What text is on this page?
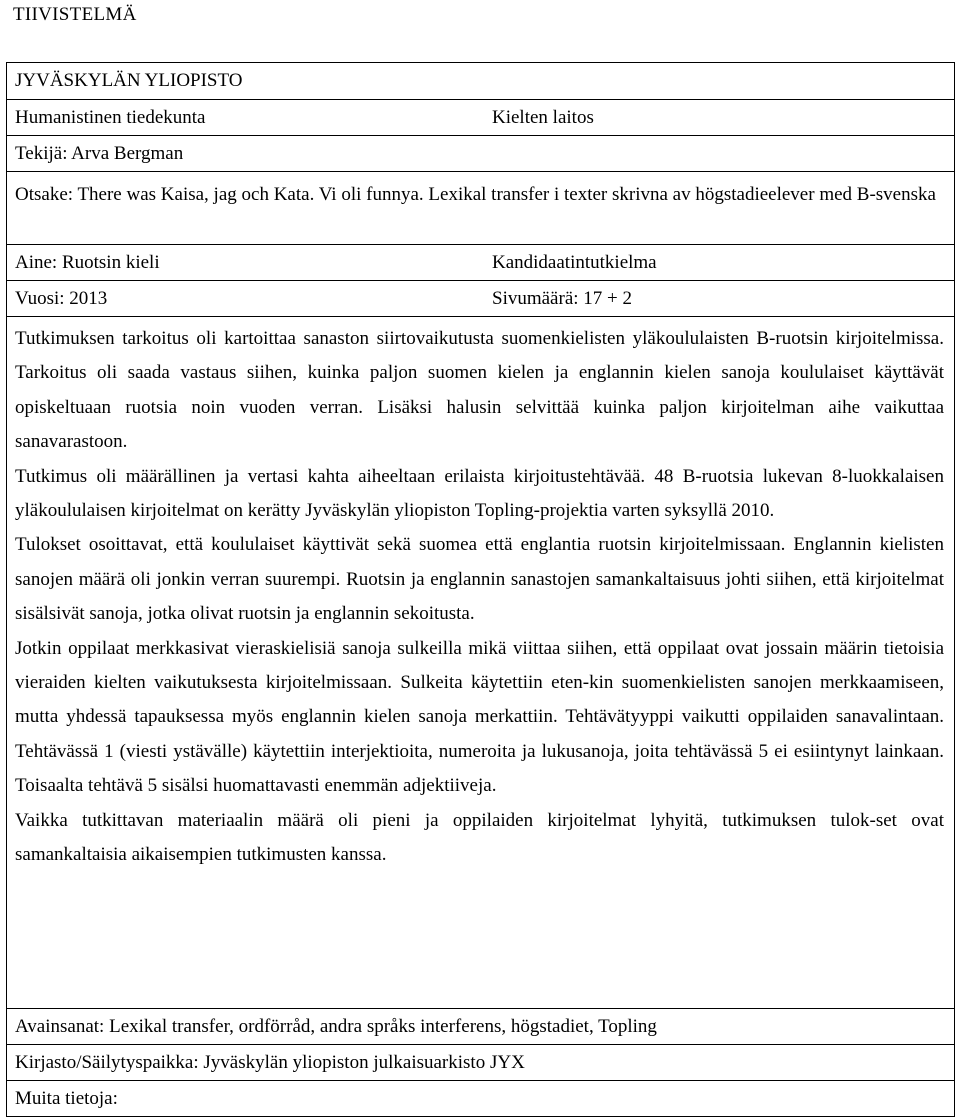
TIIVISTELMÄ
JYVÄSKYLÄN YLIOPISTO
Humanistinen tiedekunta	Kielten laitos
Tekijä: Arva Bergman
Otsake: There was Kaisa, jag och Kata. Vi oli funnya. Lexikal transfer i texter skrivna av högstadieelever med B-svenska
Aine: Ruotsin kieli	Kandidaatintutkielma
Vuosi: 2013	Sivumäärä: 17 + 2

Tutkimuksen tarkoitus oli kartoittaa sanaston siirtovaikutusta suomenkielisten yläkoululaisten B-ruotsin kirjoitelmissa. Tarkoitus oli saada vastaus siihen, kuinka paljon suomen kielen ja englannin kielen sanoja koululaiset käyttävät opiskeltuaan ruotsia noin vuoden verran. Lisäksi halusin selvittää kuinka paljon kirjoitelman aihe vaikuttaa sanavarastoon.

Tutkimus oli määrällinen ja vertasi kahta aiheeltaan erilaista kirjoitustehtävää. 48 B-ruotsia lukevan 8-luokkalaisen yläkoululaisen kirjoitelmat on kerätty Jyväskylän yliopiston Topling-projektia varten syksyllä 2010.

Tulokset osoittavat, että koululaiset käyttivät sekä suomea että englantia ruotsin kirjoitelmissaan. Englannin kielisten sanojen määrä oli jonkin verran suurempi. Ruotsin ja englannin sanastojen samankaltaisuus johti siihen, että kirjoitelmat sisälsivät sanoja, jotka olivat ruotsin ja englannin sekoitusta.

Jotkin oppilaat merkkasivat vieraskielisiä sanoja sulkeilla mikä viittaa siihen, että oppilaat ovat jossain määrin tietoisia vieraiden kielten vaikutuksesta kirjoitelmissaan. Sulkeita käytettiin eten-kin suomenkielisten sanojen merkkaamiseen, mutta yhdessä tapauksessa myös englannin kielen sanoja merkattiin. Tehtävätyyppi vaikutti oppilaiden sanavalintaan. Tehtävässä 1 (viesti ystävälle) käytettiin interjektioita, numeroita ja lukusanoja, joita tehtävässä 5 ei esiintynyt lainkaan. Toisaalta tehtävä 5 sisälsi huomattavasti enemmän adjektiiveja.

Vaikka tutkittavan materiaalin määrä oli pieni ja oppilaiden kirjoitelmat lyhyitä, tutkimuksen tulok-set ovat samankaltaisia aikaisempien tutkimusten kanssa.

Avainsanat: Lexikal transfer, ordförråd, andra språks interferens, högstadiet, Topling
Kirjasto/Säilytyspaikka: Jyväskylän yliopiston julkaisuarkisto JYX
Muita tietoja:
